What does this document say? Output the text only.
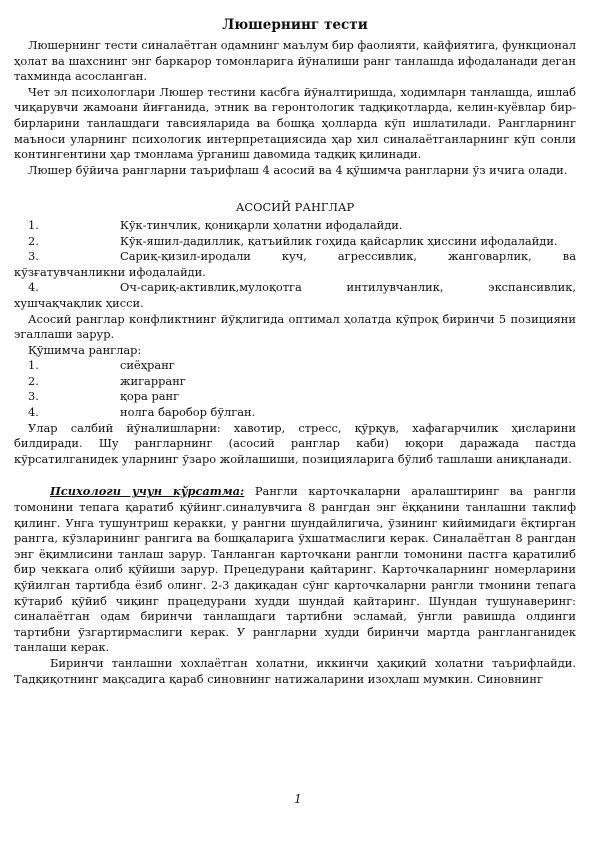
Люшернинг тести

Люшернинг тести синалаётган одамнинг маълум бир фаолияти, кайфиятига, функционал ҳолат ва шахснинг энг баркарор томонларига йўналиши ранг танлашда ифодаланади деган тахминда асосланган.

Чет эл психологлари Люшер тестини касбга йўналтиришда, ходимларн танлашда, ишлаб чиқарувчи жамоани йиғганида, этник ва геронтологик тадқиқотларда, келин-куёвлар бир-бирларини танлашдаги тавсияларида ва бошқа ҳолларда кўп ишлатилади. Рангларнинг маъноси уларнинг психологик интерпретациясида ҳар хил синалаётганларнинг кўп сонли контингентини ҳар тмонлама ўрганиш давомида тадқиқ қилинади.

Люшер бўйича рангларни таърифлаш 4 асосий ва 4 қўшимча рангларни ўз ичига олади.

АСОСИЙ РАНГЛАР
1.	Кўк-тинчлик, қониқарли ҳолатни ифодалайди.
2.	Кўк-яшил-дадиллик, қатъийлик гоҳида қайсарлик ҳиссини ифодалайди.
3.	Сариқ-қизил-иродали куч, агрессивлик, жанговарлик, ва

кўзғатувчанликни ифодалайди.

4.	Оч-сариқ-активлик,мулоқотга интилувчанлик, экспансивлик,

хушчақчақлик ҳисси.

Асосий ранглар конфликтнинг йўқлигида оптимал ҳолатда кўпроқ биринчи 5 позицияни эгаллаши зарур.

Қўшимча ранглар:

1.	сиёҳранг
2.	жигарранг
3.	қора ранг
4.	нолга баробор бўлган.

Улар салбий йўналишларни: хавотир, стресс, қўрқув, хафагарчилик ҳисларини билдиради. Шу рангларнинг (асосий ранглар каби) юқори даражада пастда кўрсатилганидек уларнинг ўзаро жойлашиши, позицияларига бўлиб ташлаши аниқланади.

Психологи учун кўрсатма: Рангли карточкаларни аралаштиринг ва рангли томонини тепага қаратиб қўйинг.синалувчига 8 рангдан энг ёққанини танлашни таклиф қилинг. Унга тушунтриш керакки, у рангни шундайлигича, ўзининг кийимидаги ёқтирган рангга, кўзларининг рангига ва бошқаларига ўхшатмаслиги керак. Синалаётган 8 рангдан энг ёқимлисини танлаш зарур. Танланган карточкани рангли томонини пастга қаратилиб бир чеккага олиб қўйиши зарур. Прецедурани қайтаринг. Карточкаларнинг номерларини қўйилган тартибда ёзиб олинг. 2-3 дақиқадан сўнг карточкаларни рангли тмонини тепага кўтариб қўйиб чиқинг працедурани худди шундай қайтаринг. Шундан тушунаверинг: синалаётган одам биринчи танлашдаги тартибни эсламай, ўнгли равишда олдинги тартибни ўзгартирмаслиги керак. У рангларни худди биринчи мартда рангланганидек танлаши керак.

Биринчи танлашни хохлаётган холатни, иккинчи ҳақиқий холатни таърифлайди. Тадқиқотнинг мақсадига қараб синовнинг натижаларини изоҳлаш мумкин. Синовнинг

1
